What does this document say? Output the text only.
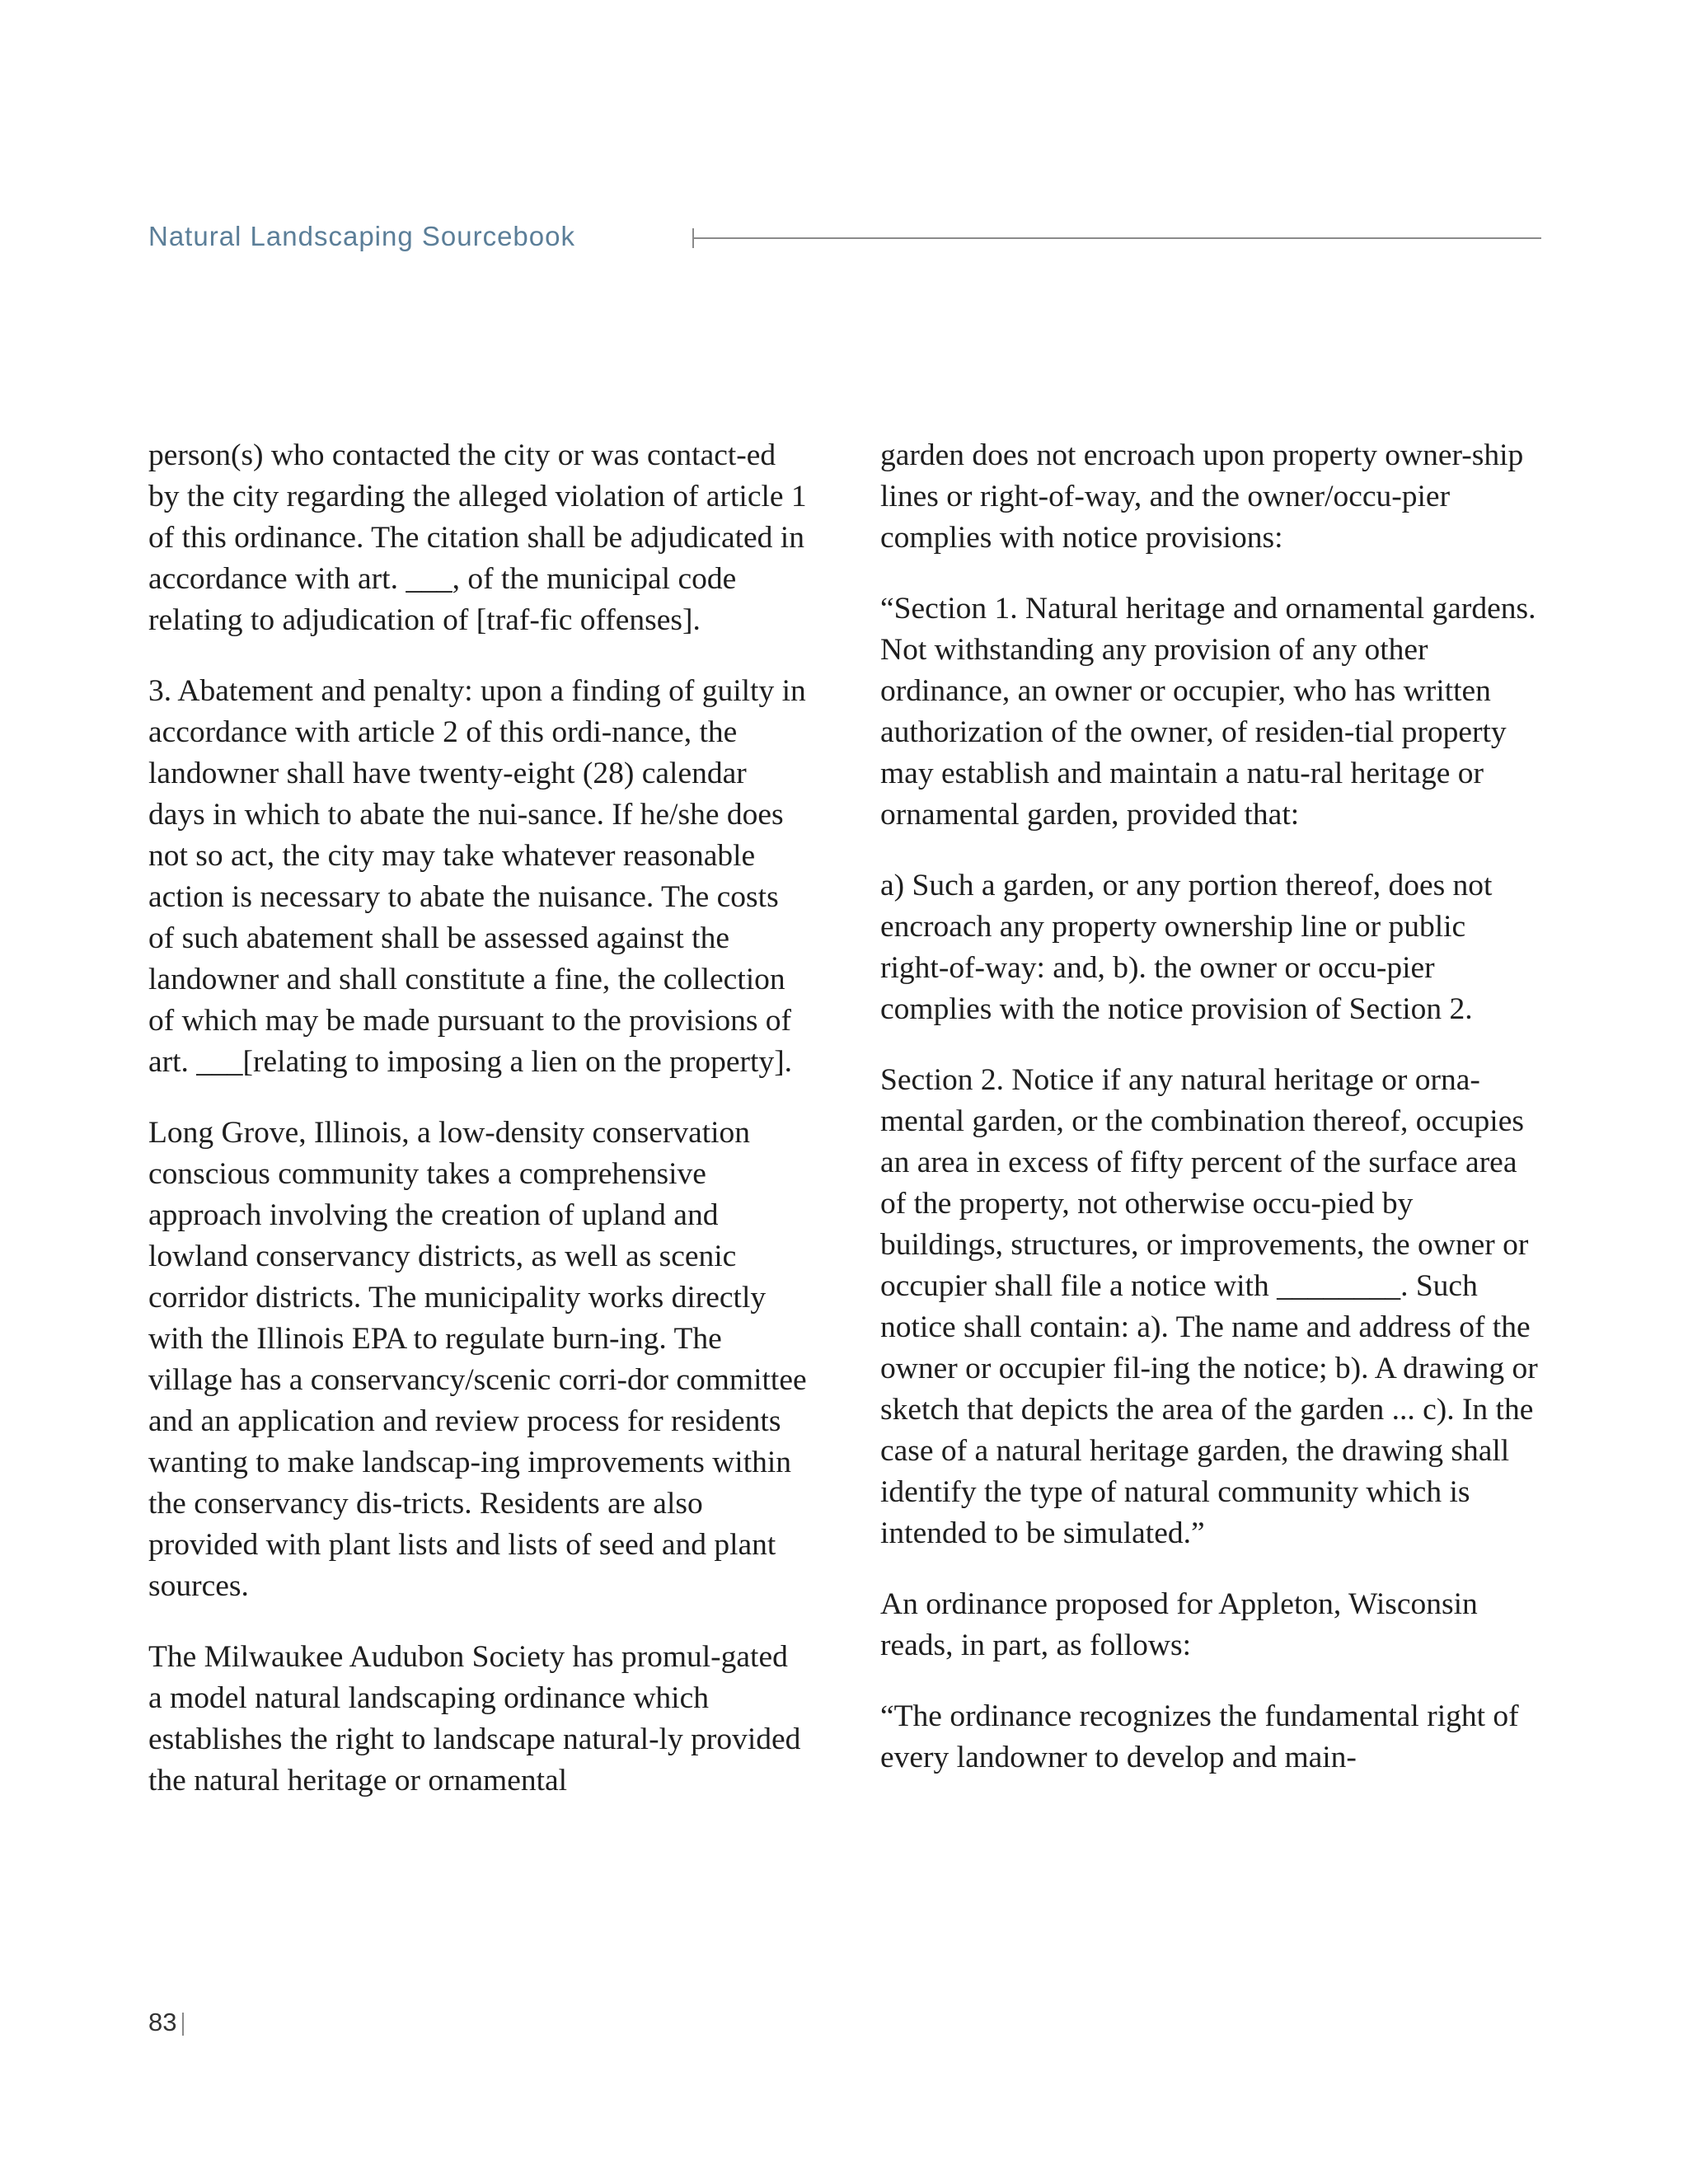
Natural Landscaping Sourcebook

person(s) who contacted the city or was contact-ed by the city regarding the alleged violation of article 1 of this ordinance. The citation shall be adjudicated in accordance with art. ___, of the municipal code relating to adjudication of [traf-fic offenses].

3. Abatement and penalty: upon a finding of guilty in accordance with article 2 of this ordi-nance, the landowner shall have twenty-eight (28) calendar days in which to abate the nui-sance. If he/she does not so act, the city may take whatever reasonable action is necessary to abate the nuisance. The costs of such abatement shall be assessed against the landowner and shall constitute a fine, the collection of which may be made pursuant to the provisions of art. ___[relating to imposing a lien on the property].

Long Grove, Illinois, a low-density conservation conscious community takes a comprehensive approach involving the creation of upland and lowland conservancy districts, as well as scenic corridor districts. The municipality works directly with the Illinois EPA to regulate burn-ing. The village has a conservancy/scenic corri-dor committee and an application and review process for residents wanting to make landscap-ing improvements within the conservancy dis-tricts. Residents are also provided with plant lists and lists of seed and plant sources.

The Milwaukee Audubon Society has promul-gated a model natural landscaping ordinance which establishes the right to landscape natural-ly provided the natural heritage or ornamental

garden does not encroach upon property owner-ship lines or right-of-way, and the owner/occu-pier complies with notice provisions:

“Section 1. Natural heritage and ornamental gardens. Not withstanding any provision of any other ordinance, an owner or occupier, who has written authorization of the owner, of residen-tial property may establish and maintain a natu-ral heritage or ornamental garden, provided that:

a) Such a garden, or any portion thereof, does not encroach any property ownership line or public right-of-way: and, b). the owner or occu-pier complies with the notice provision of Section 2.

Section 2. Notice if any natural heritage or orna-mental garden, or the combination thereof, occupies an area in excess of fifty percent of the surface area of the property, not otherwise occu-pied by buildings, structures, or improvements, the owner or occupier shall file a notice with ________. Such notice shall contain: a). The name and address of the owner or occupier fil-ing the notice; b). A drawing or sketch that depicts the area of the garden ... c). In the case of a natural heritage garden, the drawing shall identify the type of natural community which is intended to be simulated.”

An ordinance proposed for Appleton, Wisconsin reads, in part, as follows:

“The ordinance recognizes the fundamental right of every landowner to develop and main-

83
